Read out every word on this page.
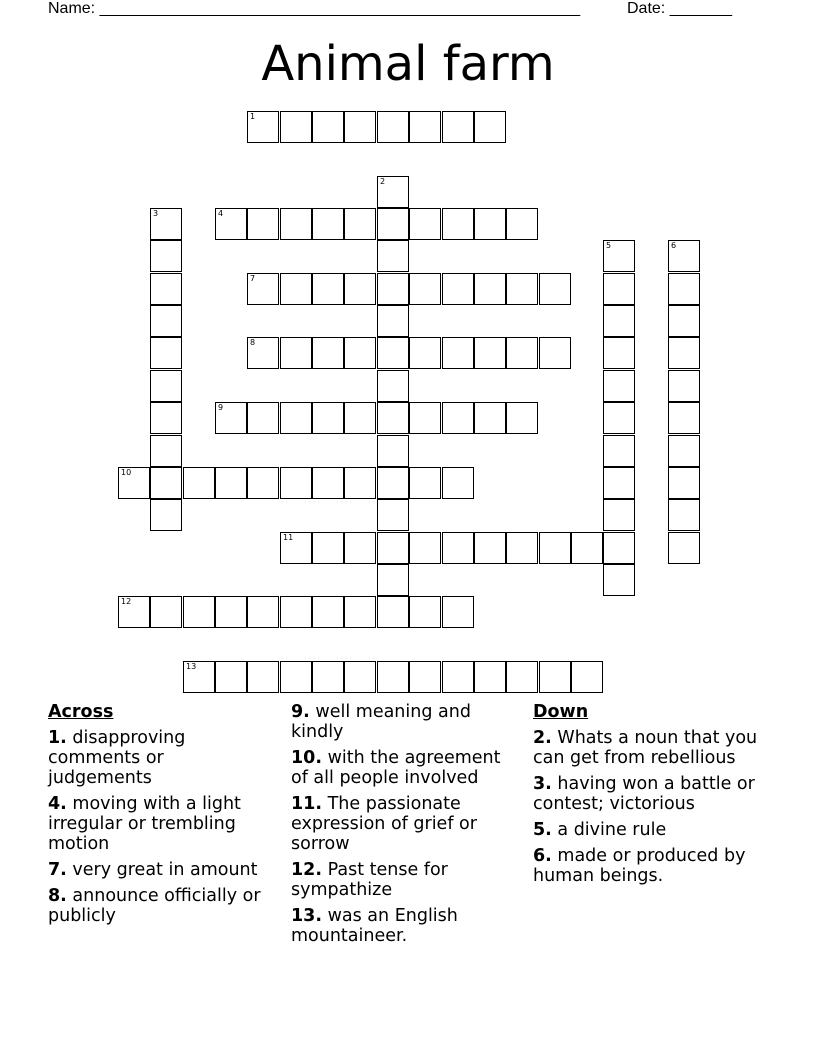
Name: ______________________________________________________	Date: _______
Animal farm
1
4
7
8
9
10
11
12
13
2
3
5	6
Across
1. disapproving comments or judgements
4. moving with a light irregular or trembling motion
7. very great in amount
8. announce officially or publicly
9. well meaning and kindly
10. with the agreement of all people involved
11. The passionate expression of grief or sorrow
12. Past tense for sympathize
13. was an English mountaineer.
Down
2. Whats a noun that you can get from rebellious
3. having won a battle or contest; victorious
5. a divine rule
6. made or produced by human beings.
